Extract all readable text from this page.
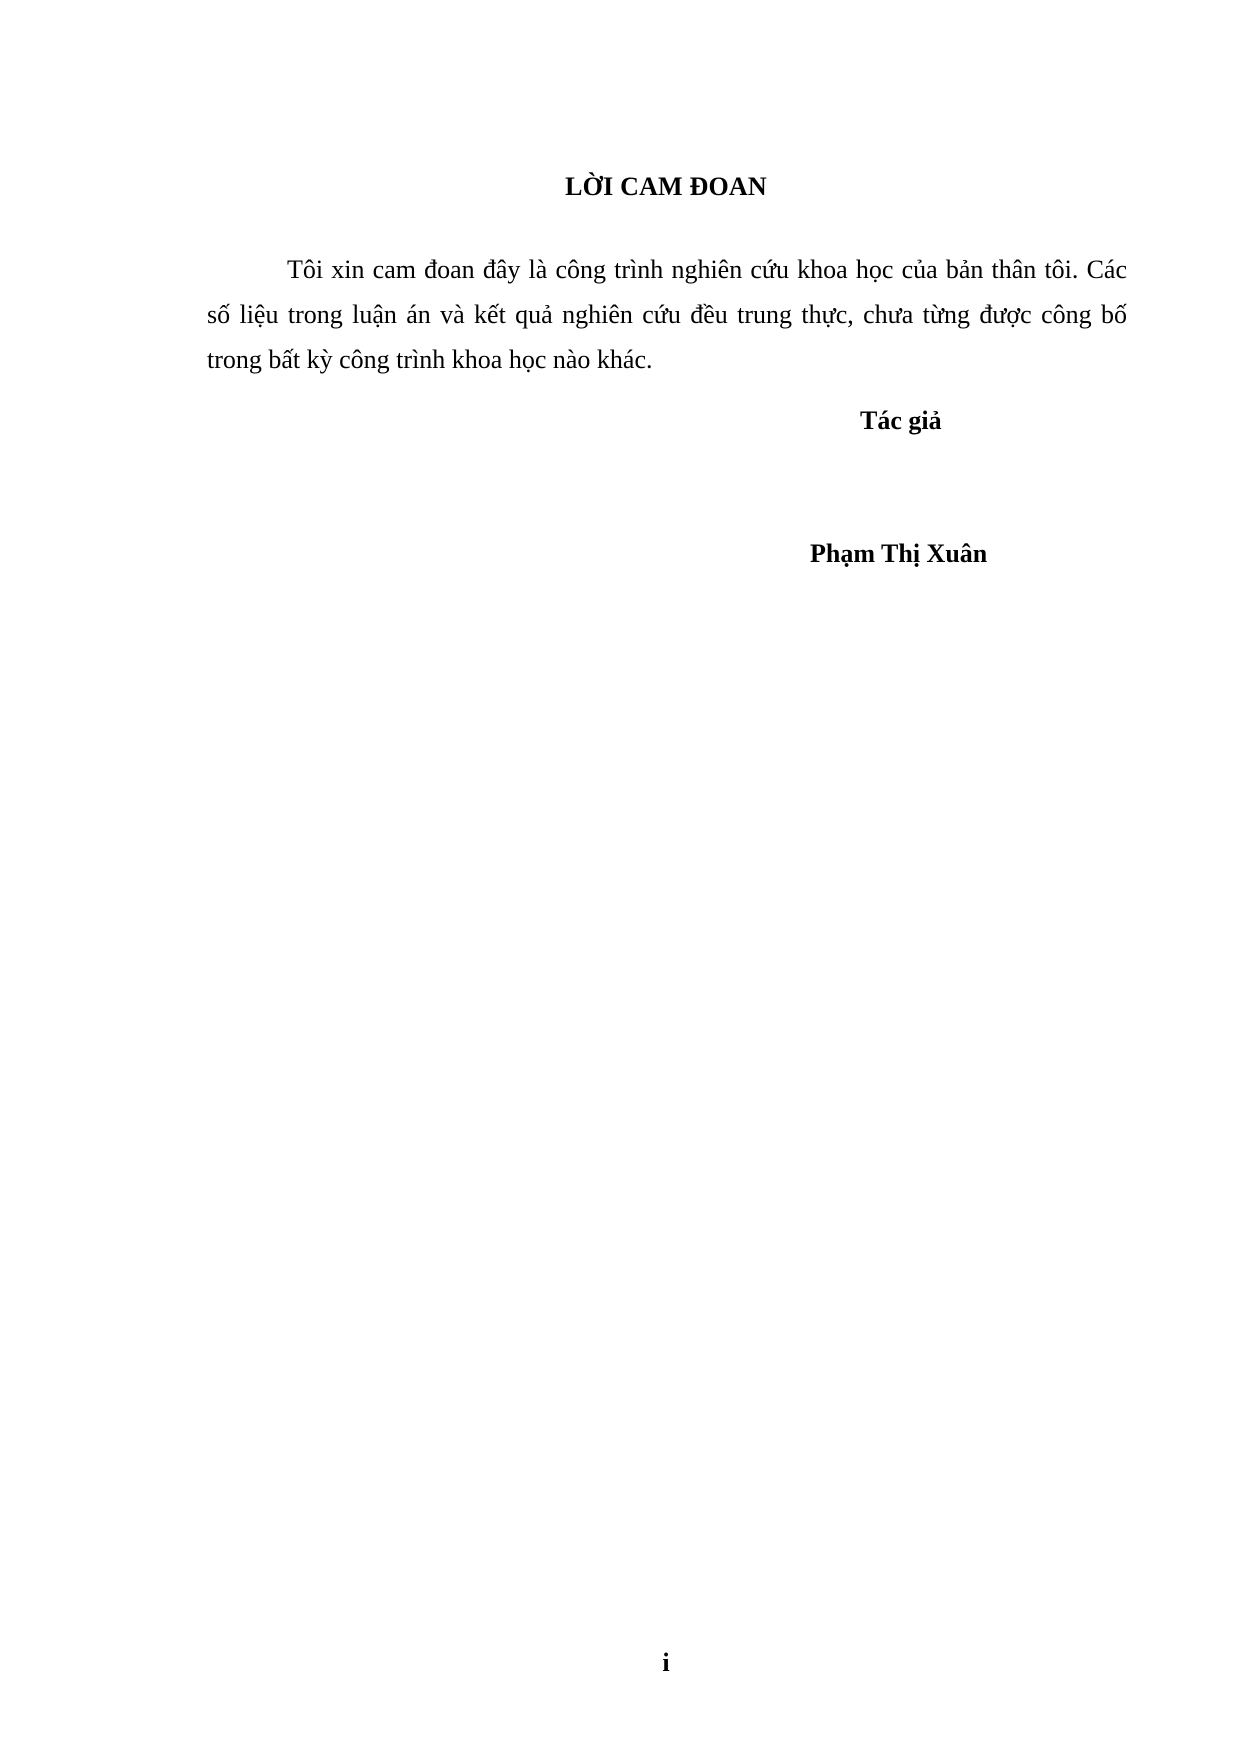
LỜI CAM ĐOAN

Tôi xin cam đoan đây là công trình nghiên cứu khoa học của bản thân tôi. Các số liệu trong luận án và kết quả nghiên cứu đều trung thực, chưa từng được công bố trong bất kỳ công trình khoa học nào khác.

Tác giả

Phạm Thị Xuân

i
